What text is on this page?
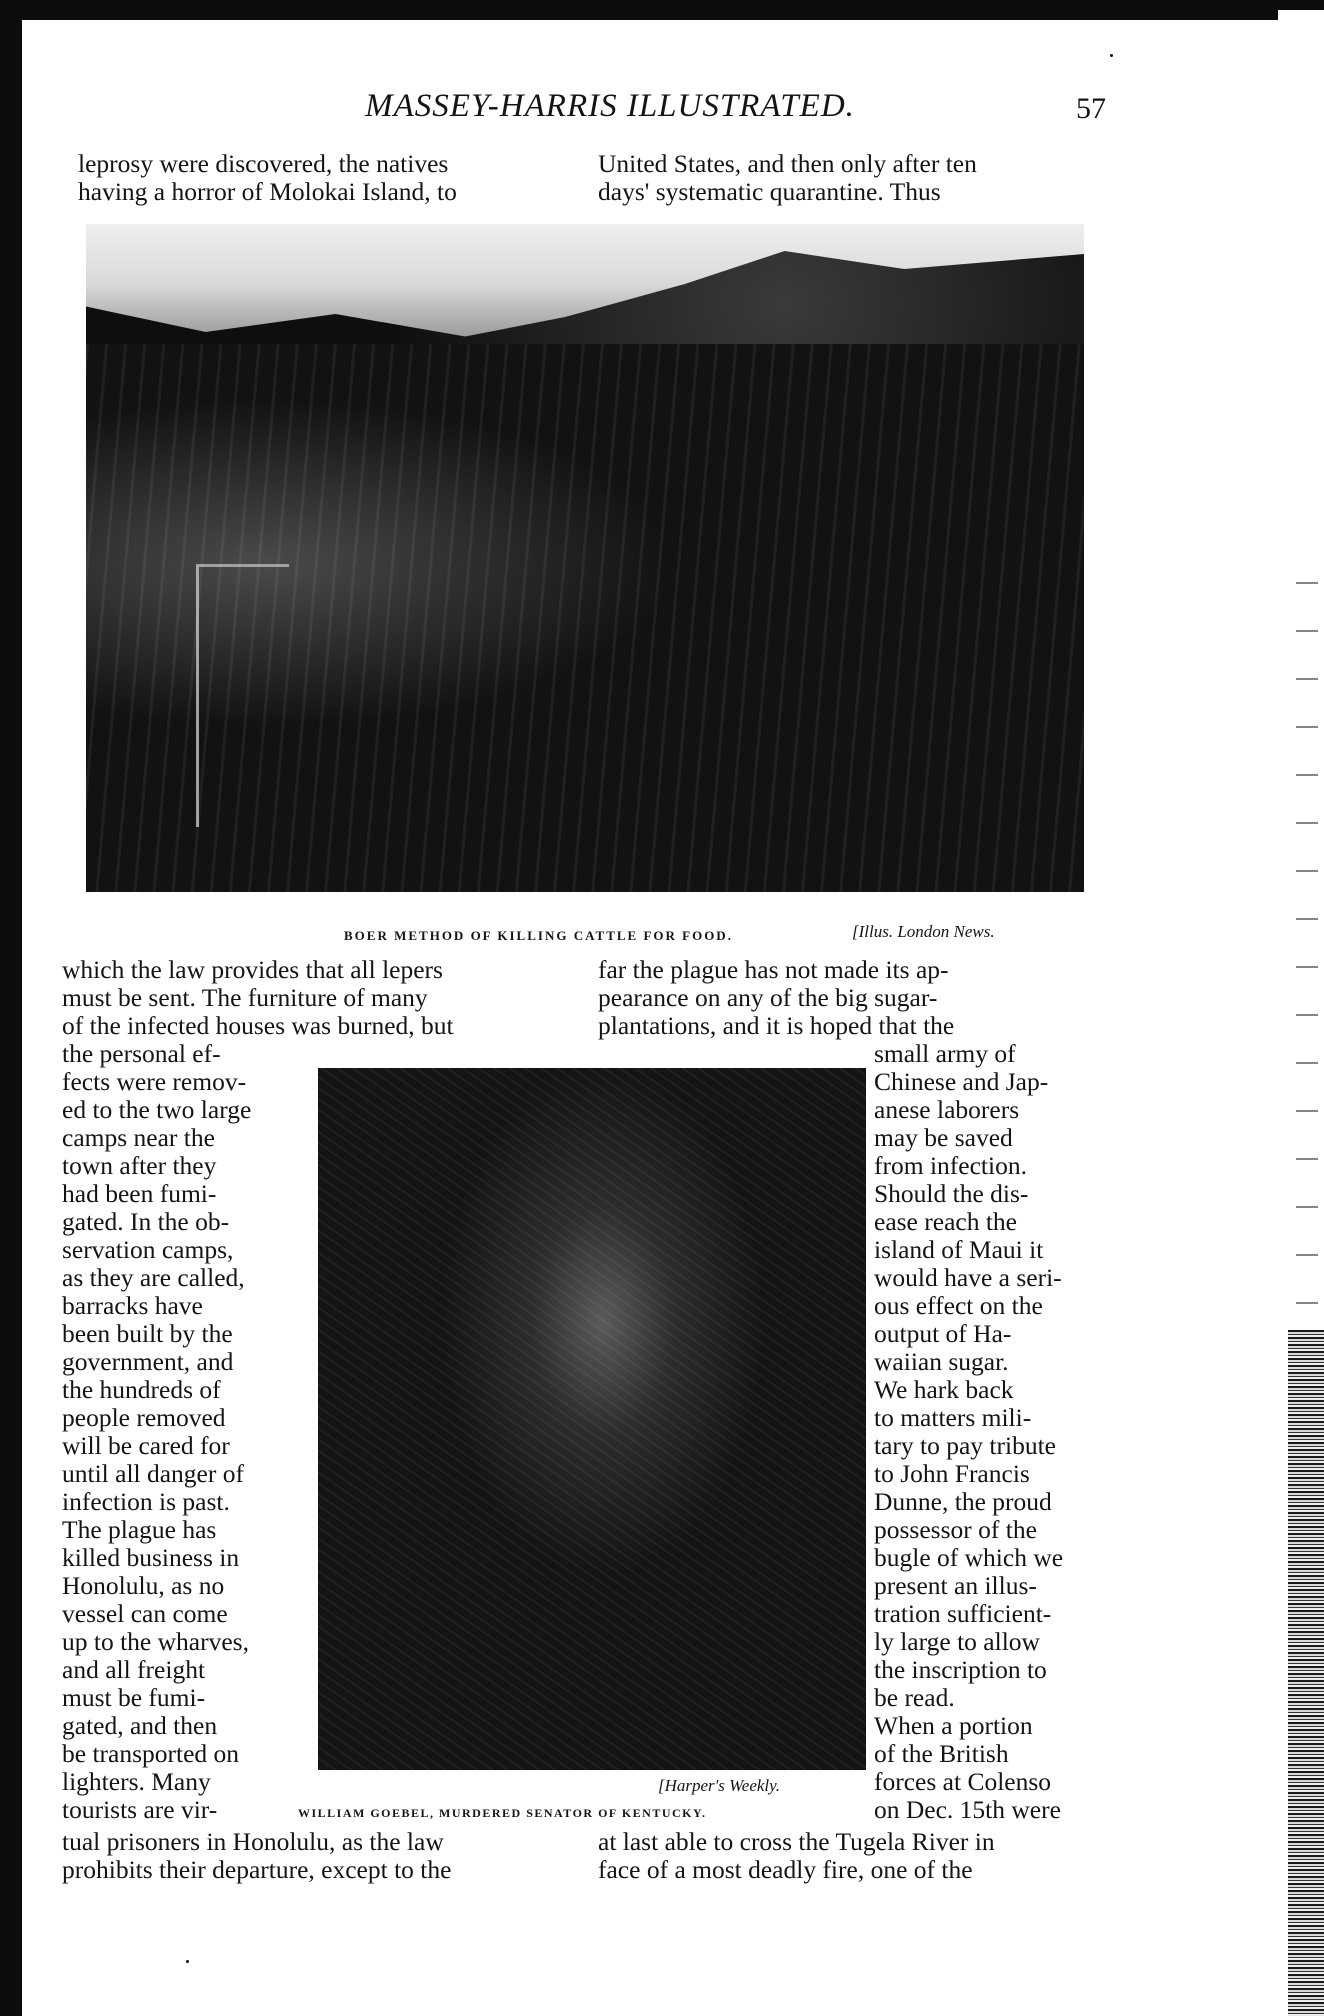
MASSEY-HARRIS ILLUSTRATED.	57
leprosy were discovered, the natives
having a horror of Molokai Island, to
United States, and then only after ten
days' systematic quarantine. Thus
BOER METHOD OF KILLING CATTLE FOR FOOD.	[Illus. London News.
which the law provides that all lepers
must be sent. The furniture of many
of the infected houses was burned, but
far the plague has not made its ap-
pearance on any of the big sugar-
plantations, and it is hoped that the
the personal ef-
fects were remov-
ed to the two large
camps near the
town after they
had been fumi-
gated. In the ob-
servation camps,
as they are called,
barracks have
been built by the
government, and
the hundreds of
people removed
will be cared for
until all danger of
infection is past.
The plague has
killed business in
Honolulu, as no
vessel can come
up to the wharves,
and all freight
must be fumi-
gated, and then
be transported on
lighters. Many
tourists are vir-
small army of
Chinese and Jap-
anese laborers
may be saved
from infection.
Should the dis-
ease reach the
island of Maui it
would have a seri-
ous effect on the
output of Ha-
waiian sugar.
We hark back
to matters mili-
tary to pay tribute
to John Francis
Dunne, the proud
possessor of the
bugle of which we
present an illus-
tration sufficient-
ly large to allow
the inscription to
be read.
When a portion
of the British
forces at Colenso
on Dec. 15th were
[Harper's Weekly.
WILLIAM GOEBEL, MURDERED SENATOR OF KENTUCKY.
tual prisoners in Honolulu, as the law
prohibits their departure, except to the
at last able to cross the Tugela River in
face of a most deadly fire, one of the
